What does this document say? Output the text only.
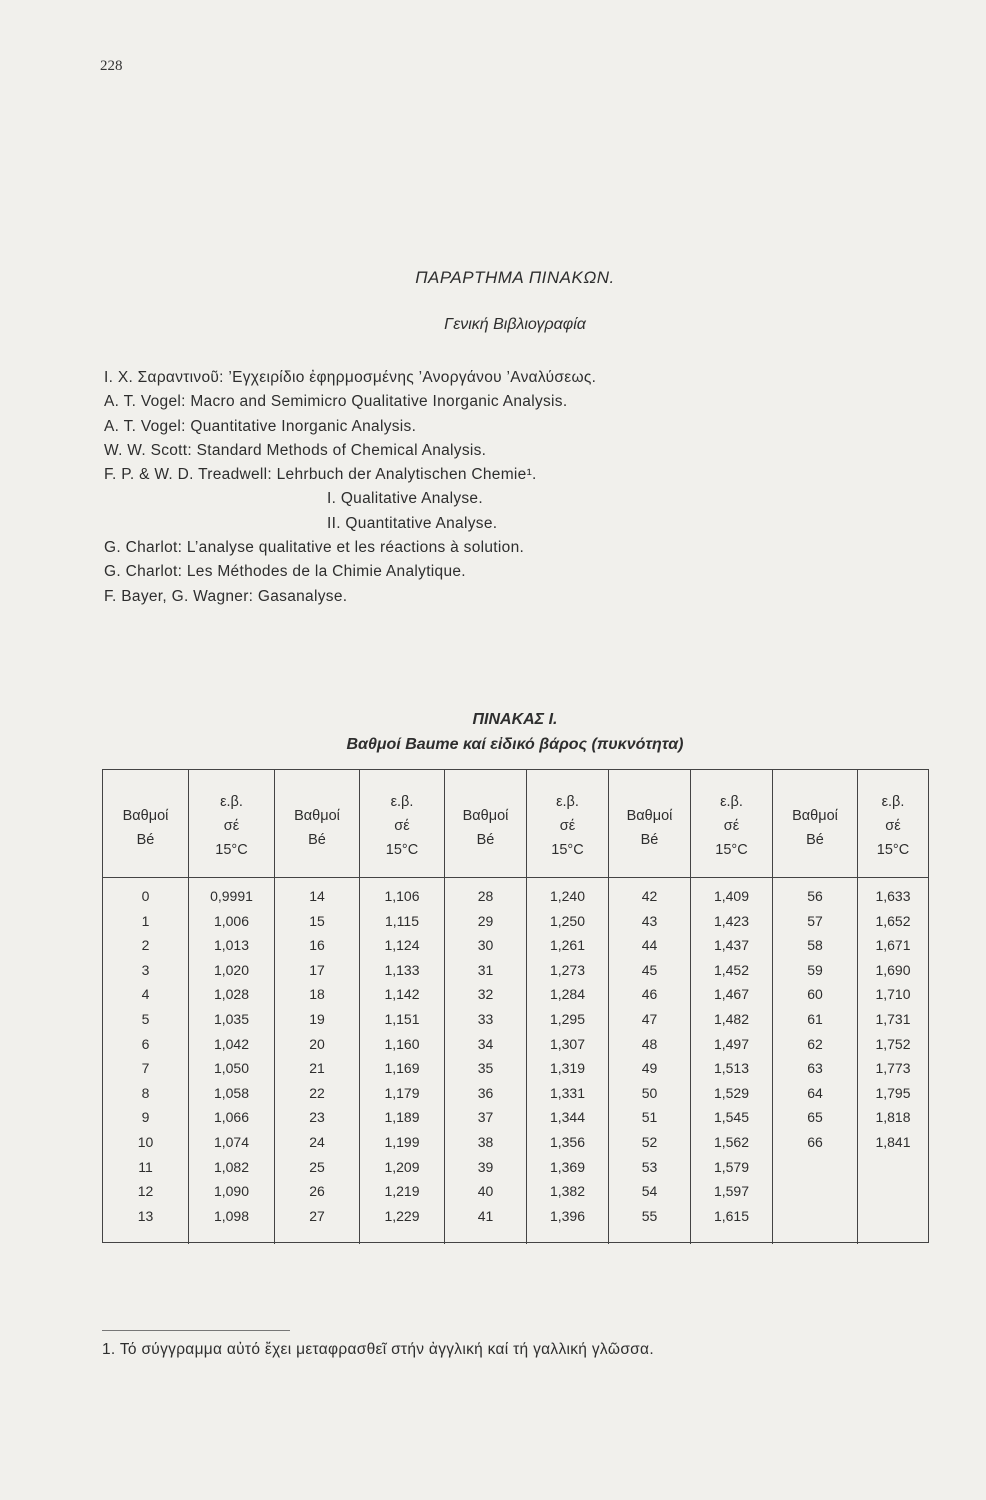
228
ΠΑΡΑΡΤΗΜΑ ΠΙΝΑΚΩΝ.
Γενική Βιβλιογραφία
I. Χ. Σαραντινοῦ: ’Εγχειρίδιο ἐφηρμοσμένης ’Ανοργάνου ’Αναλύσεως.
A. T. Vogel: Macro and Semimicro Qualitative Inorganic Analysis.
A. T. Vogel: Quantitative Inorganic Analysis.
W. W. Scott: Standard Methods of Chemical Analysis.
F. P. & W. D. Treadwell: Lehrbuch der Analytischen Chemie¹.
I. Qualitative Analyse.
II. Quantitative Analyse.
G. Charlot: L’analyse qualitative et les réactions à solution.
G. Charlot: Les Méthodes de la Chimie Analytique.
F. Bayer, G. Wagner: Gasanalyse.
ΠΙΝΑΚΑΣ I.
Βαθμοί Baume καί εἰδικό βάρος (πυκνότητα)
Βαθμοί
Bé
ε.β.
σέ
15°C
Βαθμοί
Bé
ε.β.
σέ
15°C
Βαθμοί
Bé
ε.β.
σέ
15°C
Βαθμοί
Bé
ε.β.
σέ
15°C
Βαθμοί
Bé
ε.β.
σέ
15°C
0
1
2
3
4
5
6
7
8
9
10
11
12
13
0,9991
1,006
1,013
1,020
1,028
1,035
1,042
1,050
1,058
1,066
1,074
1,082
1,090
1,098
14
15
16
17
18
19
20
21
22
23
24
25
26
27
1,106
1,115
1,124
1,133
1,142
1,151
1,160
1,169
1,179
1,189
1,199
1,209
1,219
1,229
28
29
30
31
32
33
34
35
36
37
38
39
40
41
1,240
1,250
1,261
1,273
1,284
1,295
1,307
1,319
1,331
1,344
1,356
1,369
1,382
1,396
42
43
44
45
46
47
48
49
50
51
52
53
54
55
1,409
1,423
1,437
1,452
1,467
1,482
1,497
1,513
1,529
1,545
1,562
1,579
1,597
1,615
56
57
58
59
60
61
62
63
64
65
66
1,633
1,652
1,671
1,690
1,710
1,731
1,752
1,773
1,795
1,818
1,841
1. Τό σύγγραμμα αὐτό ἔχει μεταφρασθεῖ στήν ἀγγλική καί τή γαλλική γλῶσσα.
